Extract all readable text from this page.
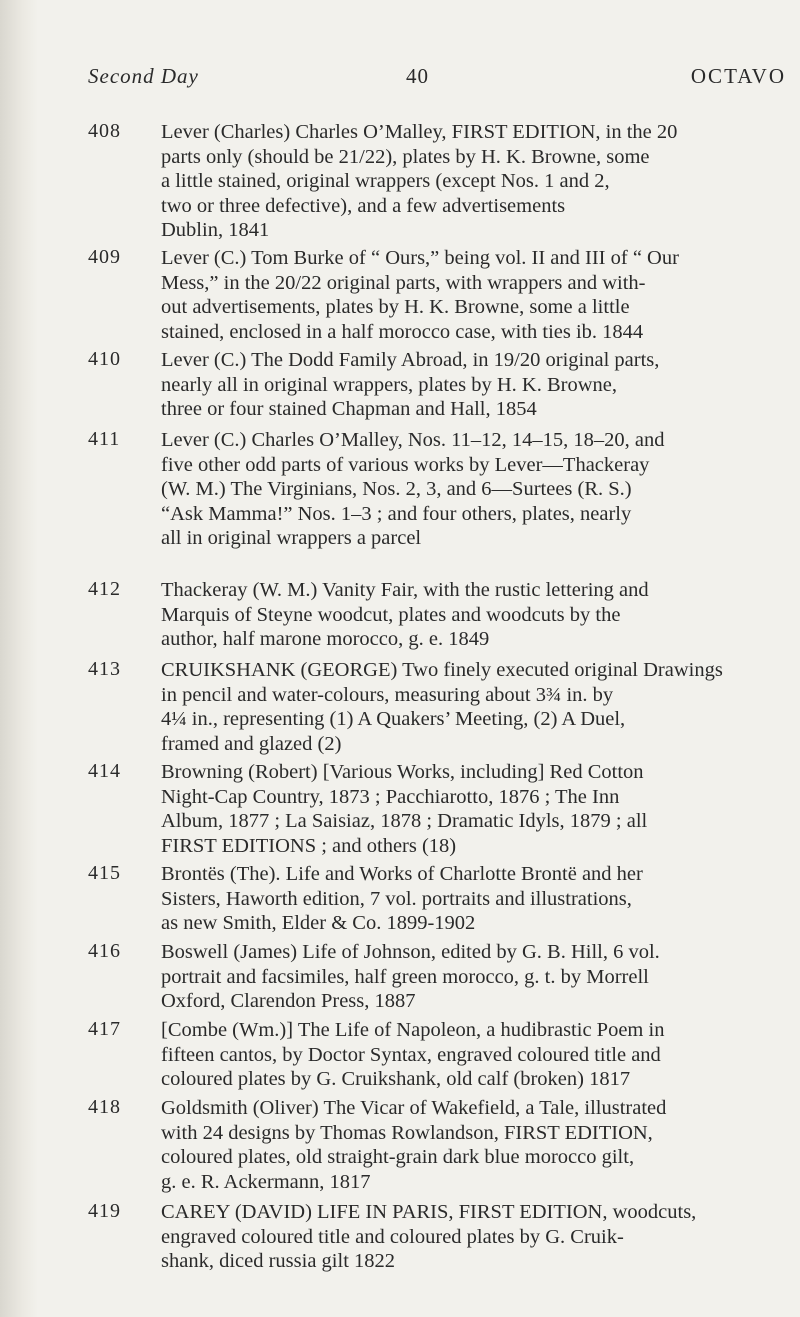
Second Day	40	OCTAVO
408	Lever (Charles) Charles O’Malley, FIRST EDITION, in the 20

parts only (should be 21/22), plates by H. K. Browne, some

a little stained, original wrappers (except Nos. 1 and 2,

two or three defective), and a few advertisements

Dublin, 1841

409	Lever (C.) Tom Burke of “ Ours,” being vol. II and III of “ Our

Mess,” in the 20/22 original parts, with wrappers and with-

out advertisements, plates by H. K. Browne, some a little

stained, enclosed in a half morocco case, with ties ib. 1844

410	Lever (C.) The Dodd Family Abroad, in 19/20 original parts,

nearly all in original wrappers, plates by H. K. Browne,

three or four stained Chapman and Hall, 1854

411	Lever (C.) Charles O’Malley, Nos. 11–12, 14–15, 18–20, and

five other odd parts of various works by Lever—Thackeray

(W. M.) The Virginians, Nos. 2, 3, and 6—Surtees (R. S.)

“Ask Mamma!” Nos. 1–3 ; and four others, plates, nearly

all in original wrappers a parcel

412	Thackeray (W. M.) Vanity Fair, with the rustic lettering and

Marquis of Steyne woodcut, plates and woodcuts by the

author, half marone morocco, g. e. 1849

413	CRUIKSHANK (GEORGE) Two finely executed original Drawings

in pencil and water-colours, measuring about 3¾ in. by

4¼ in., representing (1) A Quakers’ Meeting, (2) A Duel,

framed and glazed (2)

414	Browning (Robert) [Various Works, including] Red Cotton

Night-Cap Country, 1873 ; Pacchiarotto, 1876 ; The Inn

Album, 1877 ; La Saisiaz, 1878 ; Dramatic Idyls, 1879 ; all

FIRST EDITIONS ; and others (18)

415	Brontës (The). Life and Works of Charlotte Brontë and her

Sisters, Haworth edition, 7 vol. portraits and illustrations,

as new Smith, Elder & Co. 1899-1902

416	Boswell (James) Life of Johnson, edited by G. B. Hill, 6 vol.

portrait and facsimiles, half green morocco, g. t. by Morrell

Oxford, Clarendon Press, 1887

417	[Combe (Wm.)] The Life of Napoleon, a hudibrastic Poem in

fifteen cantos, by Doctor Syntax, engraved coloured title and

coloured plates by G. Cruikshank, old calf (broken) 1817

418	Goldsmith (Oliver) The Vicar of Wakefield, a Tale, illustrated

with 24 designs by Thomas Rowlandson, FIRST EDITION,

coloured plates, old straight-grain dark blue morocco gilt,

g. e. R. Ackermann, 1817

419	CAREY (DAVID) LIFE IN PARIS, FIRST EDITION, woodcuts,

engraved coloured title and coloured plates by G. Cruik-

shank, diced russia gilt 1822
